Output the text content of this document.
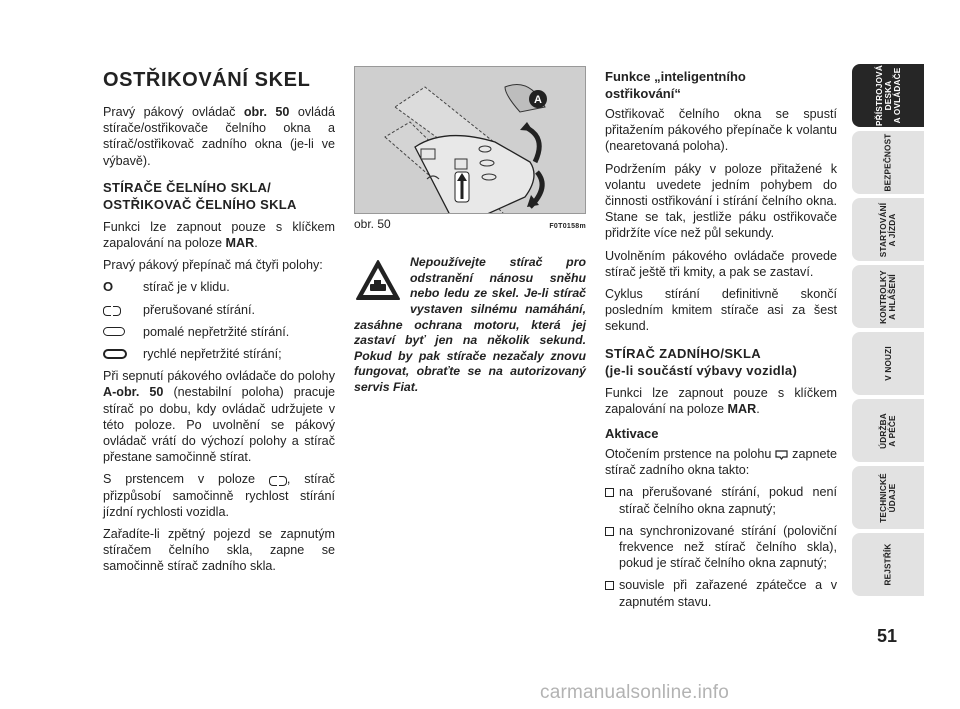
OSTŘIKOVÁNÍ SKEL

Pravý pákový ovládač obr. 50 ovládá stírače/ostřikovače čelního okna a stírač/ostřikovač zadního okna (je-li ve výbavě).

STÍRAČE ČELNÍHO SKLA/
OSTŘIKOVAČ ČELNÍHO SKLA

Funkci lze zapnout pouze s klíčkem zapalování na poloze MAR.

Pravý pákový přepínač má čtyři polohy:

O stírač je v klidu.
přerušované stírání.
pomalé nepřetržité stírání.
rychlé nepřetržité stírání;

Při sepnutí pákového ovládače do polohy A-obr. 50 (nestabilní poloha) pracuje stírač po dobu, kdy ovládač udržujete v této poloze. Po uvolnění se pákový ovládač vrátí do výchozí polohy a stírač přestane samočinně stírat.

S prstencem v poloze , stírač přizpůsobí samočinně rychlost stírání jízdní rychlosti vozidla.

Zařadíte-li zpětný pojezd se zapnutým stíračem čelního skla, zapne se samočinně stírač zadního skla.

A
obr. 50	F0T0158m
Nepoužívejte stírač pro odstranění nánosu sněhu nebo ledu ze skel. Je-li stírač vystaven silnému namáhání, zasáhne ochrana motoru, která jej zastaví byť jen na několik sekund. Pokud by pak stírače nezačaly znovu fungovat, obraťte se na autorizovaný servis Fiat.
Funkce „inteligentního
ostřikování“

Ostřikovač čelního okna se spustí přitažením pákového přepínače k volantu (nearetovaná poloha).

Podržením páky v poloze přitažené k volantu uvedete jedním pohybem do činnosti ostřikování i stírání čelního okna. Stane se tak, jestliže páku ostřikovače přidržíte více než půl sekundy.

Uvolněním pákového ovládače provede stírač ještě tři kmity, a pak se zastaví.

Cyklus stírání definitivně skončí posledním kmitem stírače asi za šest sekund.

STÍRAČ ZADNÍHO/SKLA
(je-li součástí výbavy vozidla)

Funkci lze zapnout pouze s klíčkem zapalování na poloze MAR.

Aktivace

Otočením prstence na polohu  zapnete stírač zadního okna takto:

na přerušované stírání, pokud není stírač čelního okna zapnutý;
na synchronizované stírání (poloviční frekvence než stírač čelního skla), pokud je stírač čelního okna zapnutý;
souvisle při zařazené zpátečce a v zapnutém stavu.
PŘÍSTROJOVÁ
DESKA
A OVLÁDAČE
BEZPEČNOST
STARTOVÁNÍ
A JÍZDA
KONTROLKY
A HLÁŠENÍ
V NOUZI
ÚDRŽBA
A PÉČE
TECHNICKÉ
ÚDAJE
REJSTŘÍK
51
carmanualsonline.info
